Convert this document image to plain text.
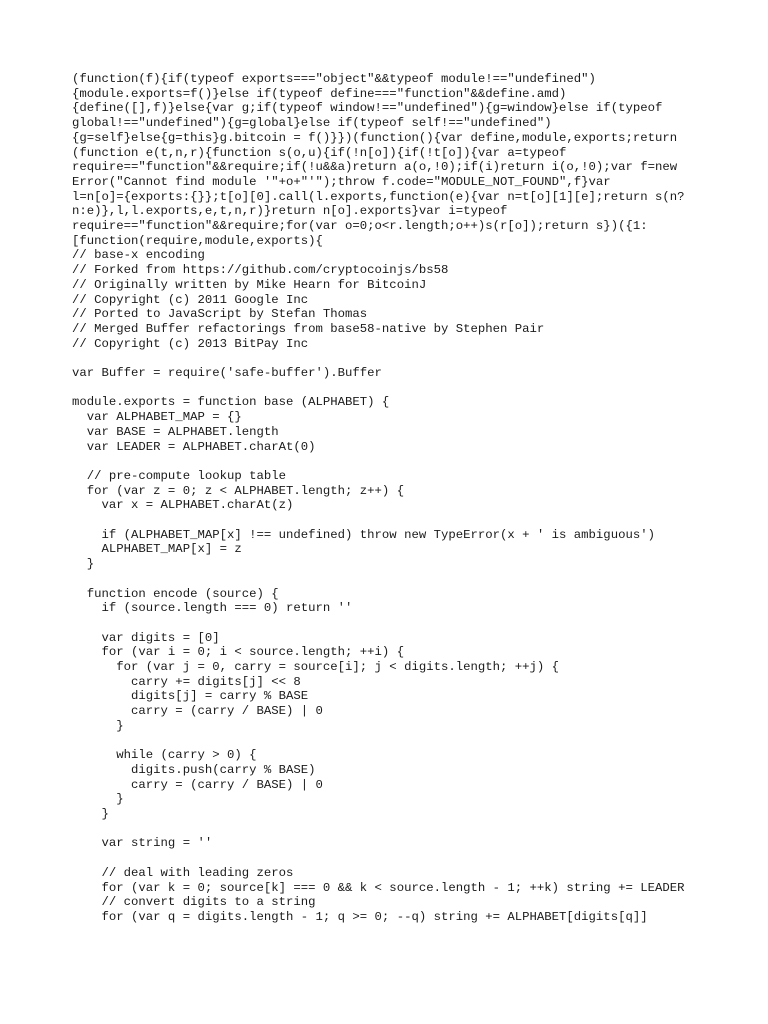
(function(f){if(typeof exports==="object"&&typeof module!=="undefined")
{module.exports=f()}else if(typeof define==="function"&&define.amd)
{define([],f)}else{var g;if(typeof window!=="undefined"){g=window}else if(typeof
global!=="undefined"){g=global}else if(typeof self!=="undefined")
{g=self}else{g=this}g.bitcoin = f()}})(function(){var define,module,exports;return
(function e(t,n,r){function s(o,u){if(!n[o]){if(!t[o]){var a=typeof
require=="function"&&require;if(!u&&a)return a(o,!0);if(i)return i(o,!0);var f=new
Error("Cannot find module '"+o+"'");throw f.code="MODULE_NOT_FOUND",f}var
l=n[o]={exports:{}};t[o][0].call(l.exports,function(e){var n=t[o][1][e];return s(n?
n:e)},l,l.exports,e,t,n,r)}return n[o].exports}var i=typeof
require=="function"&&require;for(var o=0;o<r.length;o++)s(r[o]);return s})({1:
[function(require,module,exports){
// base-x encoding
// Forked from https://github.com/cryptocoinjs/bs58
// Originally written by Mike Hearn for BitcoinJ
// Copyright (c) 2011 Google Inc
// Ported to JavaScript by Stefan Thomas
// Merged Buffer refactorings from base58-native by Stephen Pair
// Copyright (c) 2013 BitPay Inc
var Buffer = require('safe-buffer').Buffer
module.exports = function base (ALPHABET) {
var ALPHABET_MAP = {}
var BASE = ALPHABET.length
var LEADER = ALPHABET.charAt(0)
// pre-compute lookup table
for (var z = 0; z < ALPHABET.length; z++) {
var x = ALPHABET.charAt(z)
if (ALPHABET_MAP[x] !== undefined) throw new TypeError(x + ' is ambiguous')
ALPHABET_MAP[x] = z
}
function encode (source) {
if (source.length === 0) return ''
var digits = [0]
for (var i = 0; i < source.length; ++i) {
for (var j = 0, carry = source[i]; j < digits.length; ++j) {
carry += digits[j] << 8
digits[j] = carry % BASE
carry = (carry / BASE) | 0
}
while (carry > 0) {
digits.push(carry % BASE)
carry = (carry / BASE) | 0
}
}
var string = ''
// deal with leading zeros
for (var k = 0; source[k] === 0 && k < source.length - 1; ++k) string += LEADER
// convert digits to a string
for (var q = digits.length - 1; q >= 0; --q) string += ALPHABET[digits[q]]
